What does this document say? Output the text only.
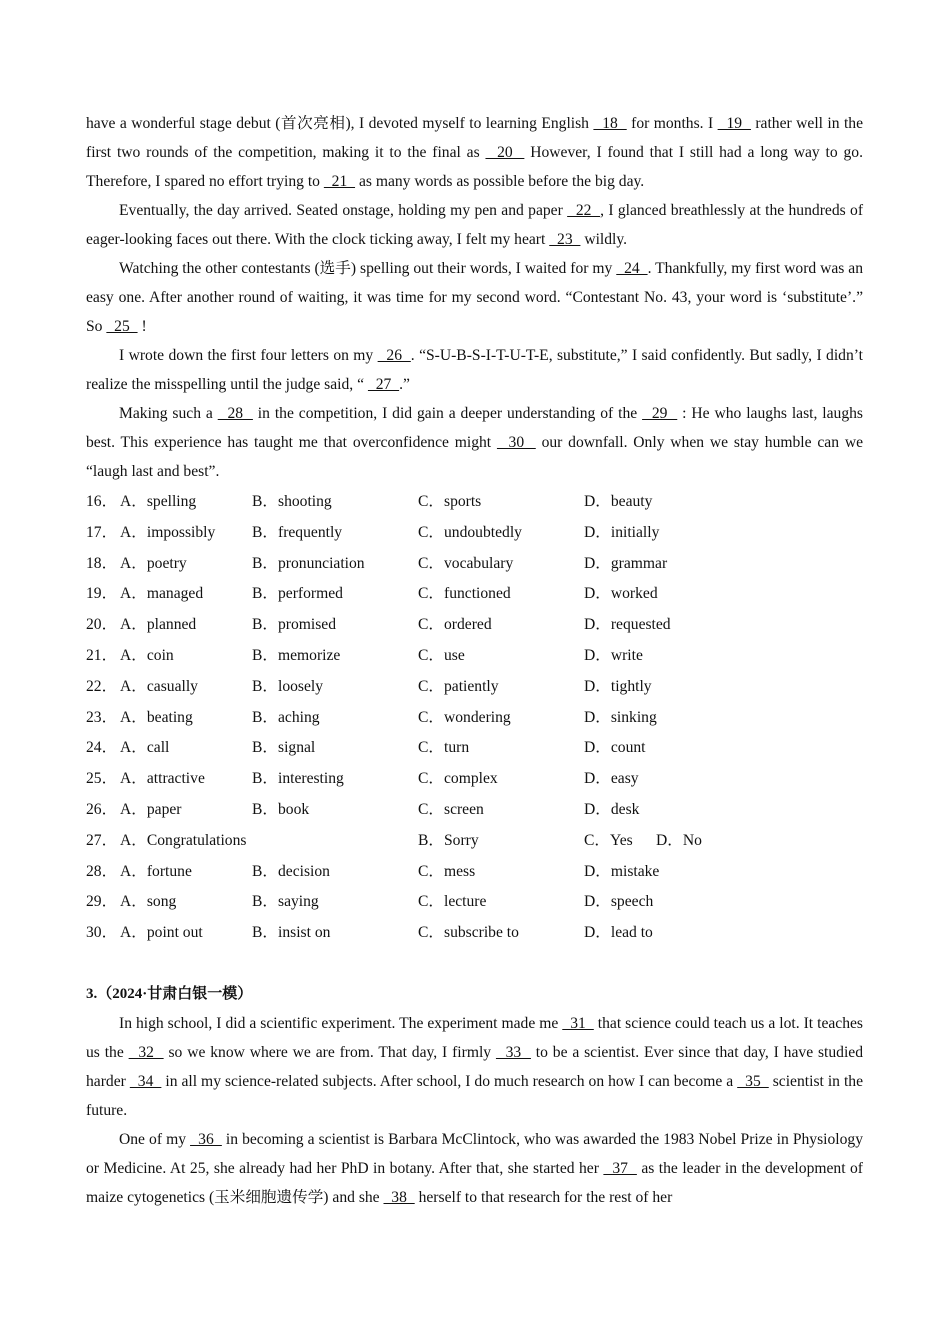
have a wonderful stage debut (首次亮相), I devoted myself to learning English   18   for months. I   19   rather well in the first two rounds of the competition, making it to the final as   20   However, I found that I still had a long way to go. Therefore, I spared no effort trying to   21   as many words as possible before the big day.

Eventually, the day arrived. Seated onstage, holding my pen and paper   22  , I glanced breathlessly at the hundreds of eager-looking faces out there. With the clock ticking away, I felt my heart   23   wildly.

Watching the other contestants (选手) spelling out their words, I waited for my   24  . Thankfully, my first word was an easy one. After another round of waiting, it was time for my second word. “Contestant No. 43, your word is ‘substitute’.” So   25   !

I wrote down the first four letters on my   26  . “S-U-B-S-I-T-U-T-E, substitute,” I said confidently. But sadly, I didn’t realize the misspelling until the judge said, “   27  .”

Making such a   28   in the competition, I did gain a deeper understanding of the   29   : He who laughs last, laughs best. This experience has taught me that overconfidence might   30   our downfall. Only when we stay humble can we “laugh last and best”.

16． A．spelling	B．shooting	C．sports	D．beauty
17． A．impossibly B．frequently	C．undoubtedly	D．initially
18． A．poetry	B．pronunciation	C．vocabulary	D．grammar
19． A．managed	B．performed	C．functioned	D．worked
20． A．planned	B．promised	C．ordered	D．requested
21． A．coin	B．memorize	C．use	D．write
22． A．casually	B．loosely	C．patiently	D．tightly
23． A．beating	B．aching	C．wondering	D．sinking
24． A．call	B．signal	C．turn	D．count
25． A．attractive	B．interesting	C．complex	D．easy
26． A．paper	B．book	C．screen	D．desk
27． A．Congratulations	B．Sorry	C．Yes D．No
28． A．fortune	B．decision	C．mess	D．mistake
29． A．song	B．saying	C．lecture	D．speech
30． A．point out	B．insist on	C．subscribe to	D．lead to
3.（2024·甘肃白银一模）

In high school, I did a scientific experiment. The experiment made me   31   that science could teach us a lot. It teaches us the   32   so we know where we are from. That day, I firmly   33   to be a scientist. Ever since that day, I have studied harder   34   in all my science-related subjects. After school, I do much research on how I can become a   35   scientist in the future.

One of my   36   in becoming a scientist is Barbara McClintock, who was awarded the 1983 Nobel Prize in Physiology or Medicine. At 25, she already had her PhD in botany. After that, she started her   37   as the leader in the development of maize cytogenetics (玉米细胞遗传学) and she   38   herself to that research for the rest of her
